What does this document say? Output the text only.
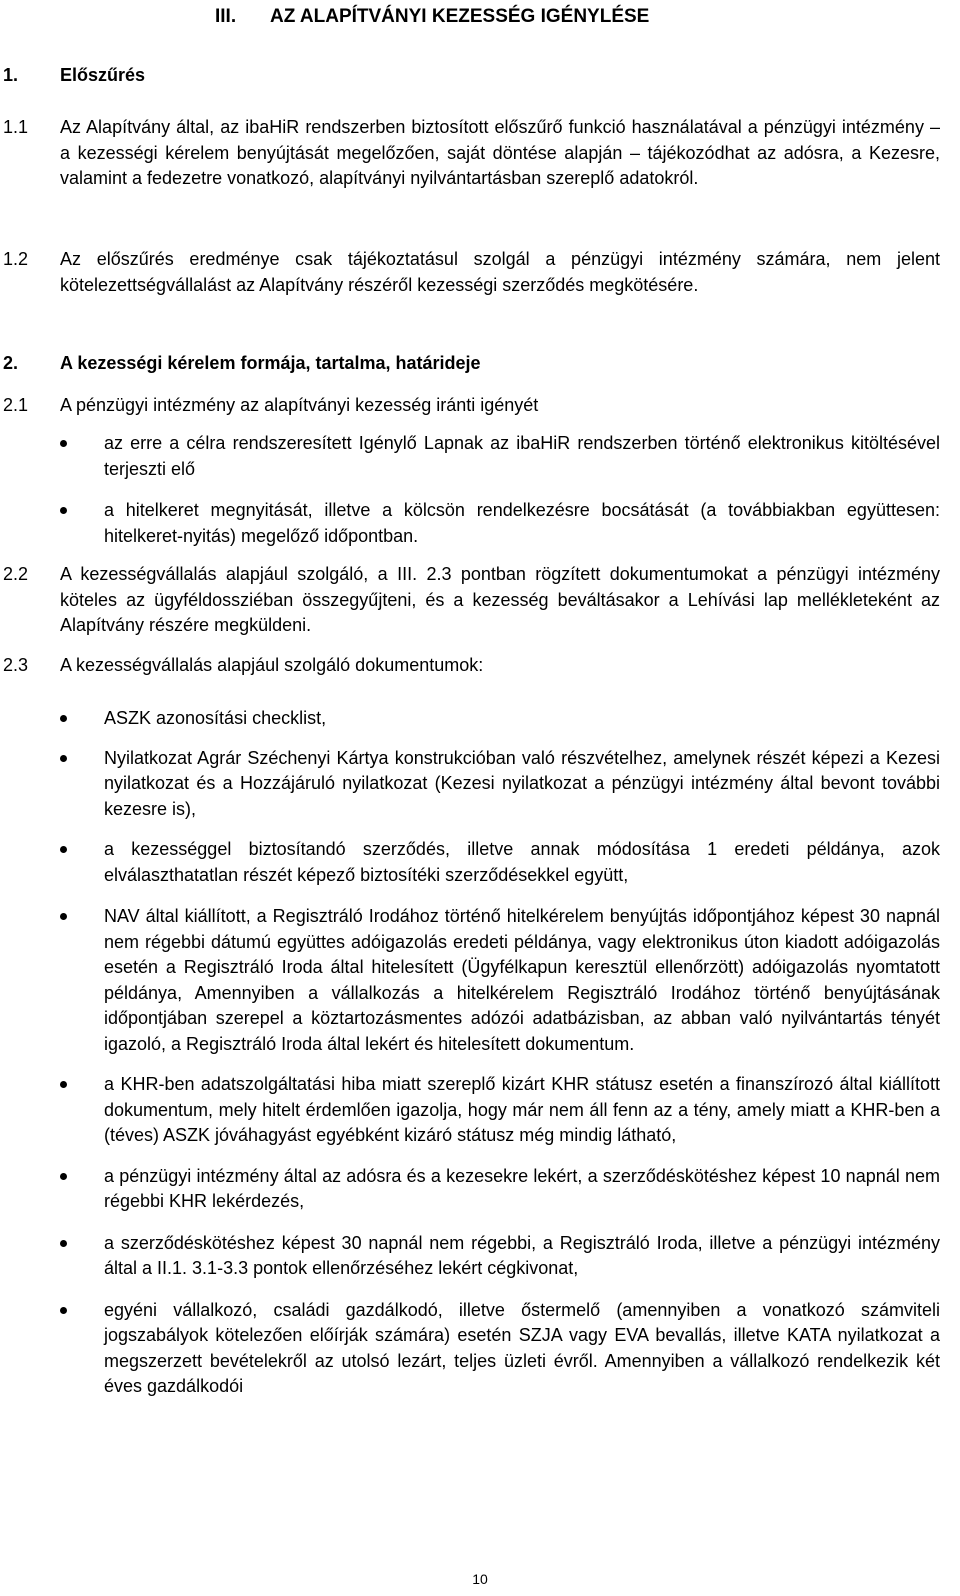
III. AZ ALAPÍTVÁNYI KEZESSÉG IGÉNYLÉSE
1. Előszűrés
1.1 Az Alapítvány által, az ibaHiR rendszerben biztosított előszűrő funkció használatával a pénzügyi intézmény – a kezességi kérelem benyújtását megelőzően, saját döntése alapján – tájékozódhat az adósra, a Kezesre, valamint a fedezetre vonatkozó, alapítványi nyilvántartásban szereplő adatokról.
1.2 Az előszűrés eredménye csak tájékoztatásul szolgál a pénzügyi intézmény számára, nem jelent kötelezettségvállalást az Alapítvány részéről kezességi szerződés megkötésére.
2. A kezességi kérelem formája, tartalma, határideje
2.1 A pénzügyi intézmény az alapítványi kezesség iránti igényét
az erre a célra rendszeresített Igénylő Lapnak az ibaHiR rendszerben történő elektronikus kitöltésével terjeszti elő
a hitelkeret megnyitását, illetve a kölcsön rendelkezésre bocsátását (a továbbiakban együttesen: hitelkeret-nyitás) megelőző időpontban.
2.2 A kezességvállalás alapjául szolgáló, a III. 2.3 pontban rögzített dokumentumokat a pénzügyi intézmény köteles az ügyféldossziéban összegyűjteni, és a kezesség beváltásakor a Lehívási lap mellékleteként az Alapítvány részére megküldeni.
2.3 A kezességvállalás alapjául szolgáló dokumentumok:
ASZK azonosítási checklist,
Nyilatkozat Agrár Széchenyi Kártya konstrukcióban való részvételhez, amelynek részét képezi a Kezesi nyilatkozat és a Hozzájáruló nyilatkozat (Kezesi nyilatkozat a pénzügyi intézmény által bevont további kezesre is),
a kezességgel biztosítandó szerződés, illetve annak módosítása 1 eredeti példánya, azok elválaszthatatlan részét képező biztosítéki szerződésekkel együtt,
NAV által kiállított, a Regisztráló Irodához történő hitelkérelem benyújtás időpontjához képest 30 napnál nem régebbi dátumú együttes adóigazolás eredeti példánya, vagy elektronikus úton kiadott adóigazolás esetén a Regisztráló Iroda által hitelesített (Ügyfélkapun keresztül ellenőrzött) adóigazolás nyomtatott példánya, Amennyiben a vállalkozás a hitelkérelem Regisztráló Irodához történő benyújtásának időpontjában szerepel a köztartozásmentes adózói adatbázisban, az abban való nyilvántartás tényét igazoló, a Regisztráló Iroda által lekért és hitelesített dokumentum.
a KHR-ben adatszolgáltatási hiba miatt szereplő kizárt KHR státusz esetén a finanszírozó által kiállított dokumentum, mely hitelt érdemlően igazolja, hogy már nem áll fenn az a tény, amely miatt a KHR-ben a (téves) ASZK jóváhagyást egyébként kizáró státusz még mindig látható,
a pénzügyi intézmény által az adósra és a kezesekre lekért, a szerződéskötéshez képest 10 napnál nem régebbi KHR lekérdezés,
a szerződéskötéshez képest 30 napnál nem régebbi, a Regisztráló Iroda, illetve a pénzügyi intézmény által a II.1. 3.1-3.3 pontok ellenőrzéséhez lekért cégkivonat,
egyéni vállalkozó, családi gazdálkodó, illetve őstermelő (amennyiben a vonatkozó számviteli jogszabályok kötelezően előírják számára) esetén SZJA vagy EVA bevallás, illetve KATA nyilatkozat a megszerzett bevételekről az utolsó lezárt, teljes üzleti évről. Amennyiben a vállalkozó rendelkezik két éves gazdálkodói
10
